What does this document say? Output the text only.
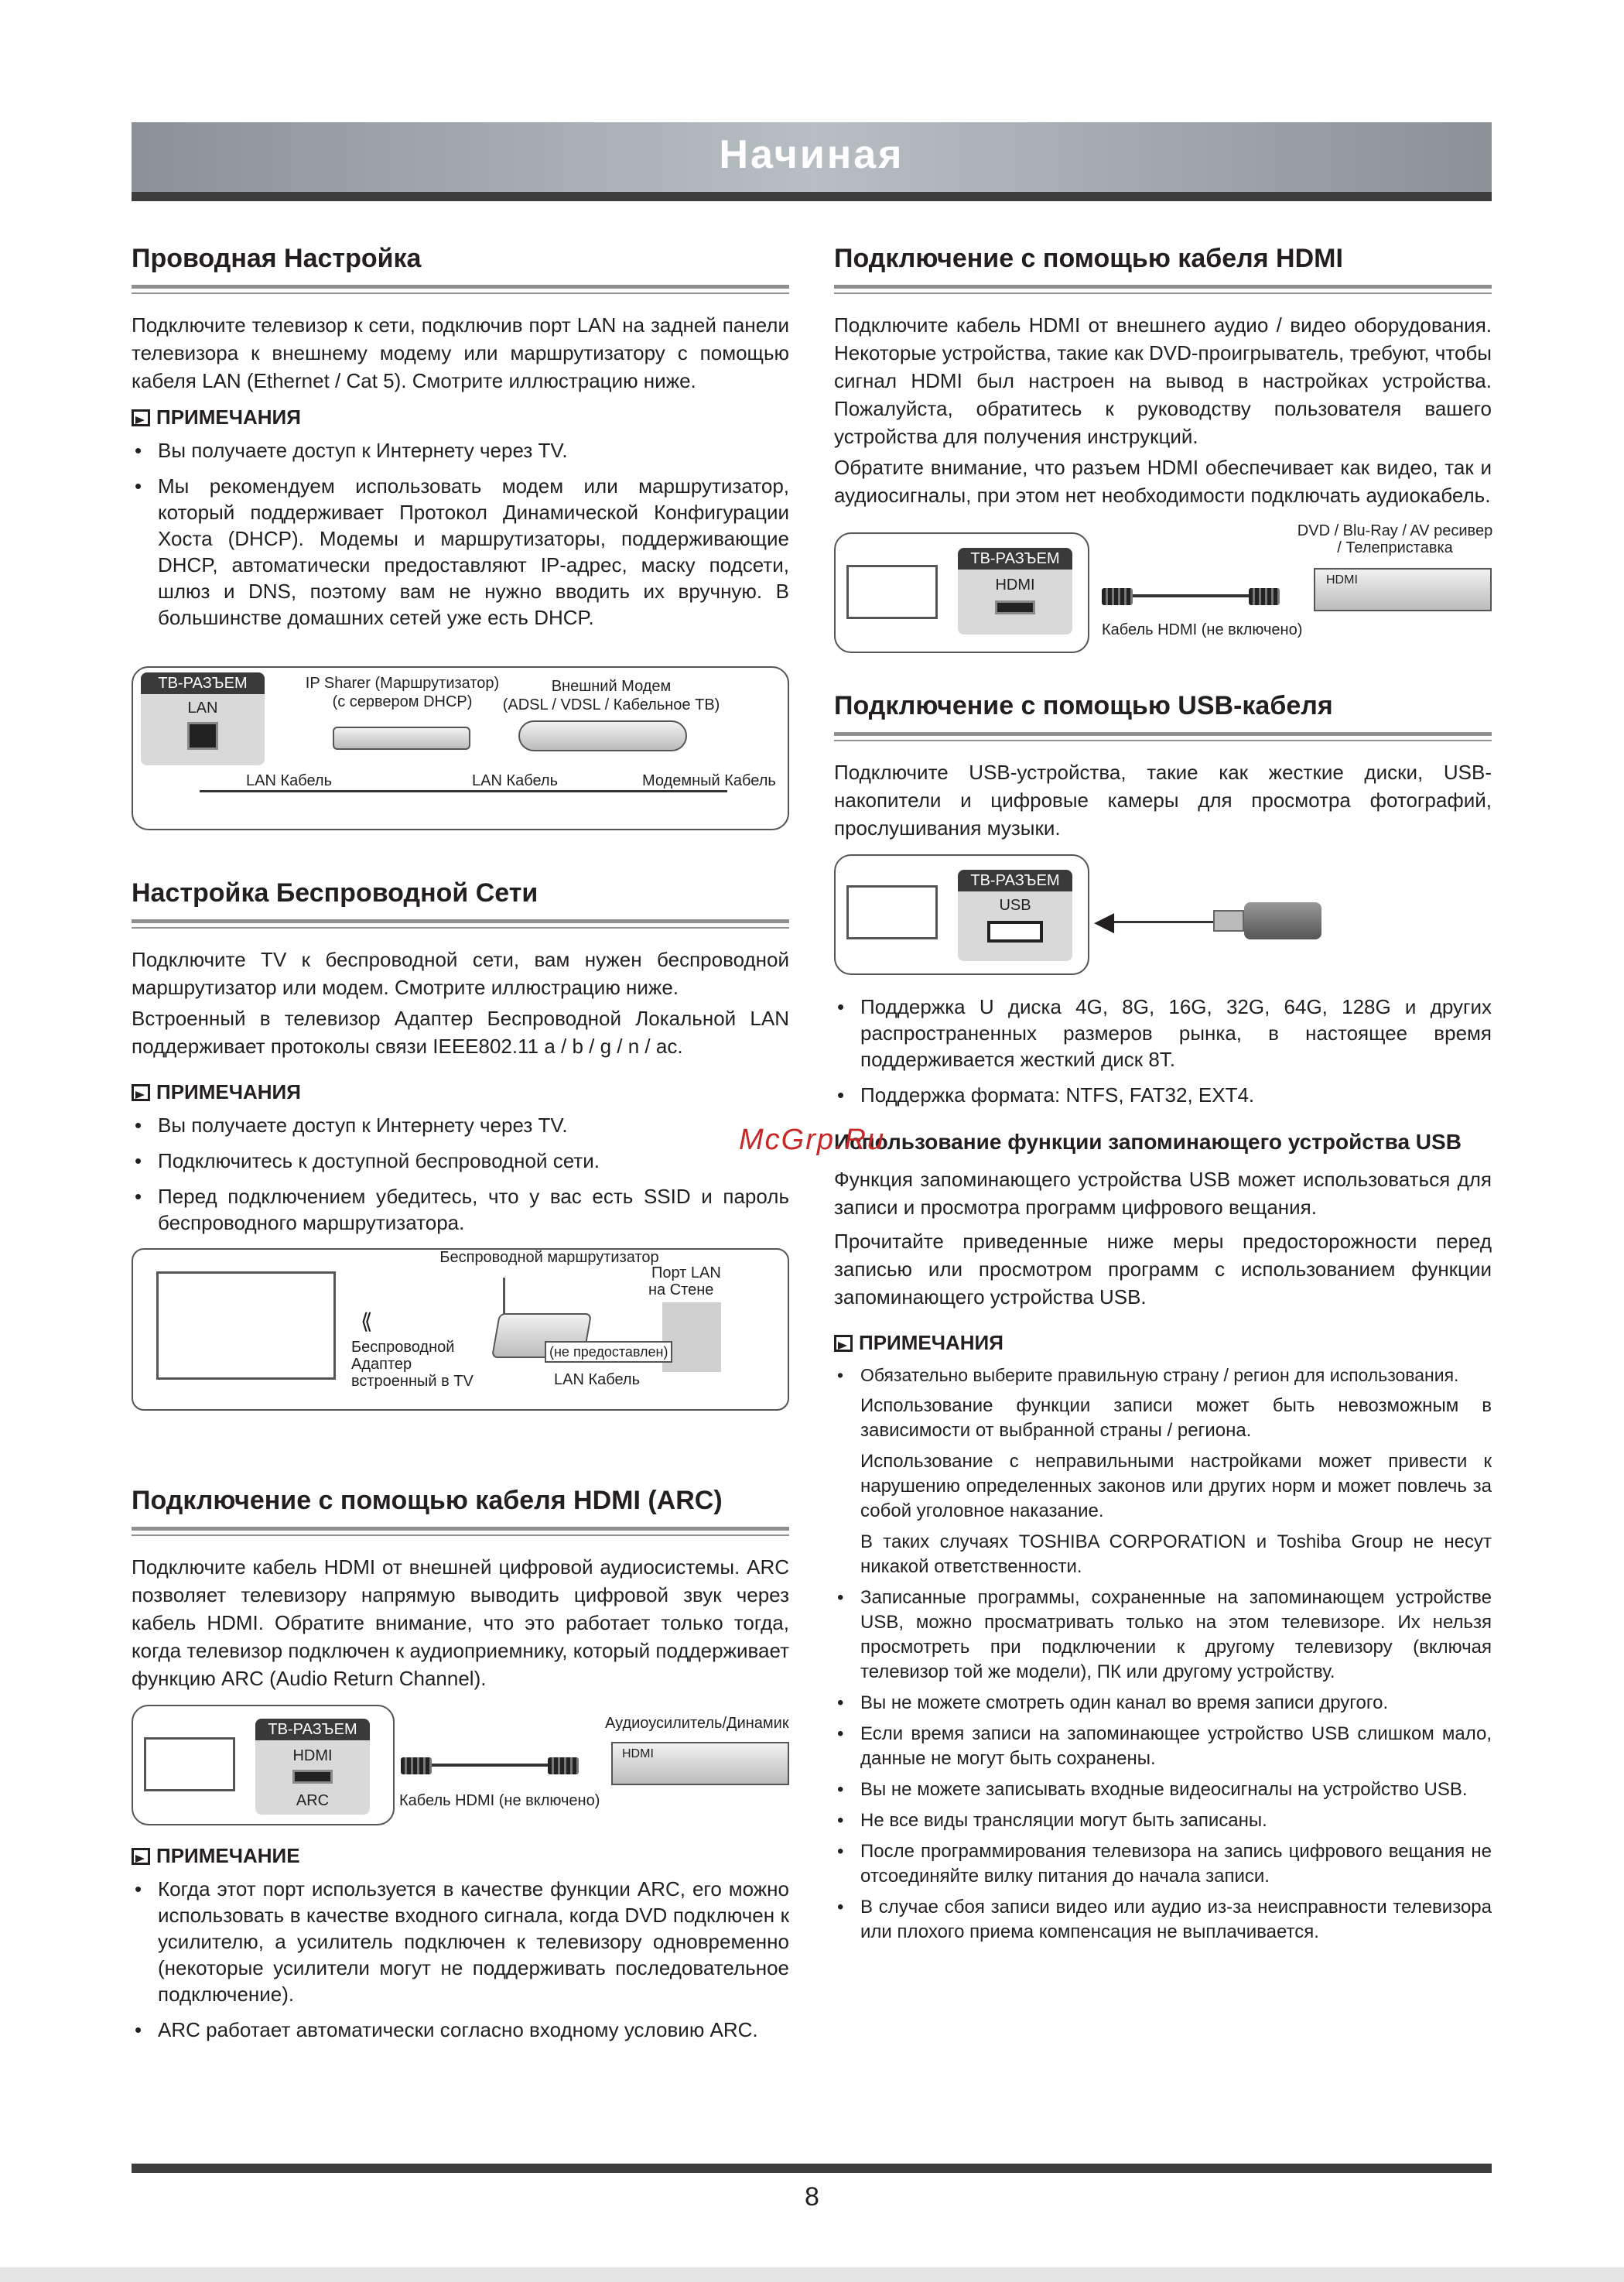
Начиная
Проводная Настройка

Подключите телевизор к сети, подключив порт LAN на задней панели телевизора к внешнему модему или маршрутизатору с помощью кабеля LAN (Ethernet / Cat 5). Смотрите иллюстрацию ниже.

ПРИМЕЧАНИЯ
• Вы получаете доступ к Интернету через TV.
• Мы рекомендуем использовать модем или маршрутизатор, который поддерживает Протокол Динамической Конфигурации Хоста (DHCP). Модемы и маршрутизаторы, поддерживающие DHCP, автоматически предоставляют IP-адрес, маску подсети, шлюз и DNS, поэтому вам не нужно вводить их вручную. В большинстве домашних сетей уже есть DHCP.
ТВ-РАЗЪЕМ
LAN
IP Sharer (Маршрутизатор)
(с сервером DHCP)
Внешний Модем
(ADSL / VDSL / Кабельное ТВ)
LAN Кабель	LAN Кабель	Модемный Кабель
Настройка Беспроводной Сети

Подключите TV к беспроводной сети, вам нужен беспроводной маршрутизатор или модем. Смотрите иллюстрацию ниже.

Встроенный в телевизор Адаптер Беспроводной Локальной LAN поддерживает протоколы связи IEEE802.11 a / b / g / n / ac.

ПРИМЕЧАНИЯ
• Вы получаете доступ к Интернету через TV.
• Подключитесь к доступной беспроводной сети.
• Перед подключением убедитесь, что у вас есть SSID и пароль беспроводного маршрутизатора.
Беспроводной маршрутизатор
Порт LAN
на Стене
⟪
Беспроводной
Адаптер
встроенный в TV
(не предоставлен)
LAN Кабель
Подключение с помощью кабеля HDMI (ARC)

Подключите кабель HDMI от внешней цифровой аудиосистемы. ARC позволяет телевизору напрямую выводить цифровой звук через кабель HDMI. Обратите внимание, что это работает только тогда, когда телевизор подключен к аудиоприемнику, который поддерживает функцию ARC (Audio Return Channel).

ТВ-РАЗЪЕМ
HDMI
ARC	Кабель HDMI (не включено)
Аудиоусилитель/Динамик
HDMI
ПРИМЕЧАНИЕ
• Когда этот порт используется в качестве функции ARC, его можно использовать в качестве входного сигнала, когда DVD подключен к усилителю, а усилитель подключен к телевизору одновременно (некоторые усилители могут не поддерживать последовательное подключение).
• ARC работает автоматически согласно входному условию ARC.
Подключение с помощью кабеля HDMI

Подключите кабель HDMI от внешнего аудио / видео оборудования. Некоторые устройства, такие как DVD-проигрыватель, требуют, чтобы сигнал HDMI был настроен на вывод в настройках устройства. Пожалуйста, обратитесь к руководству пользователя вашего устройства для получения инструкций.

Обратите внимание, что разъем HDMI обеспечивает как видео, так и аудиосигналы, при этом нет необходимости подключать аудиокабель.

ТВ-РАЗЪЕМ
HDMI
Кабель HDMI (не включено)
DVD / Blu-Ray / AV ресивер
/ Телеприставка
HDMI
Подключение с помощью USB-кабеля

Подключите USB-устройства, такие как жесткие диски, USB-накопители и цифровые камеры для просмотра фотографий, прослушивания музыки.

ТВ-РАЗЪЕМ
USB
◀
• Поддержка U диска 4G, 8G, 16G, 32G, 64G, 128G и других распространенных размеров рынка, в настоящее время поддерживается жесткий диск 8T.
• Поддержка формата: NTFS, FAT32, EXT4.
Использование функции запоминающего устройства USB

Функция запоминающего устройства USB может использоваться для записи и просмотра программ цифрового вещания.

Прочитайте приведенные ниже меры предосторожности перед записью или просмотром программ с использованием функции запоминающего устройства USB.

ПРИМЕЧАНИЯ
• Обязательно выберите правильную страну / регион для использования.
Использование функции записи может быть невозможным в зависимости от выбранной страны / региона.
Использование с неправильными настройками может привести к нарушению определенных законов или других норм и может повлечь за собой уголовное наказание.
В таких случаях TOSHIBA CORPORATION и Toshiba Group не несут никакой ответственности.
• Записанные программы, сохраненные на запоминающем устройстве USB, можно просматривать только на этом телевизоре. Их нельзя просмотреть при подключении к другому телевизору (включая телевизор той же модели), ПК или другому устройству.
• Вы не можете смотреть один канал во время записи другого.
• Если время записи на запоминающее устройство USB слишком мало, данные не могут быть сохранены.
• Вы не можете записывать входные видеосигналы на устройство USB.
• Не все виды трансляции могут быть записаны.
• После программирования телевизора на запись цифрового вещания не отсоединяйте вилку питания до начала записи.
• В случае сбоя записи видео или аудио из-за неисправности телевизора или плохого приема компенсация не выплачивается.
McGrp.Ru
8
